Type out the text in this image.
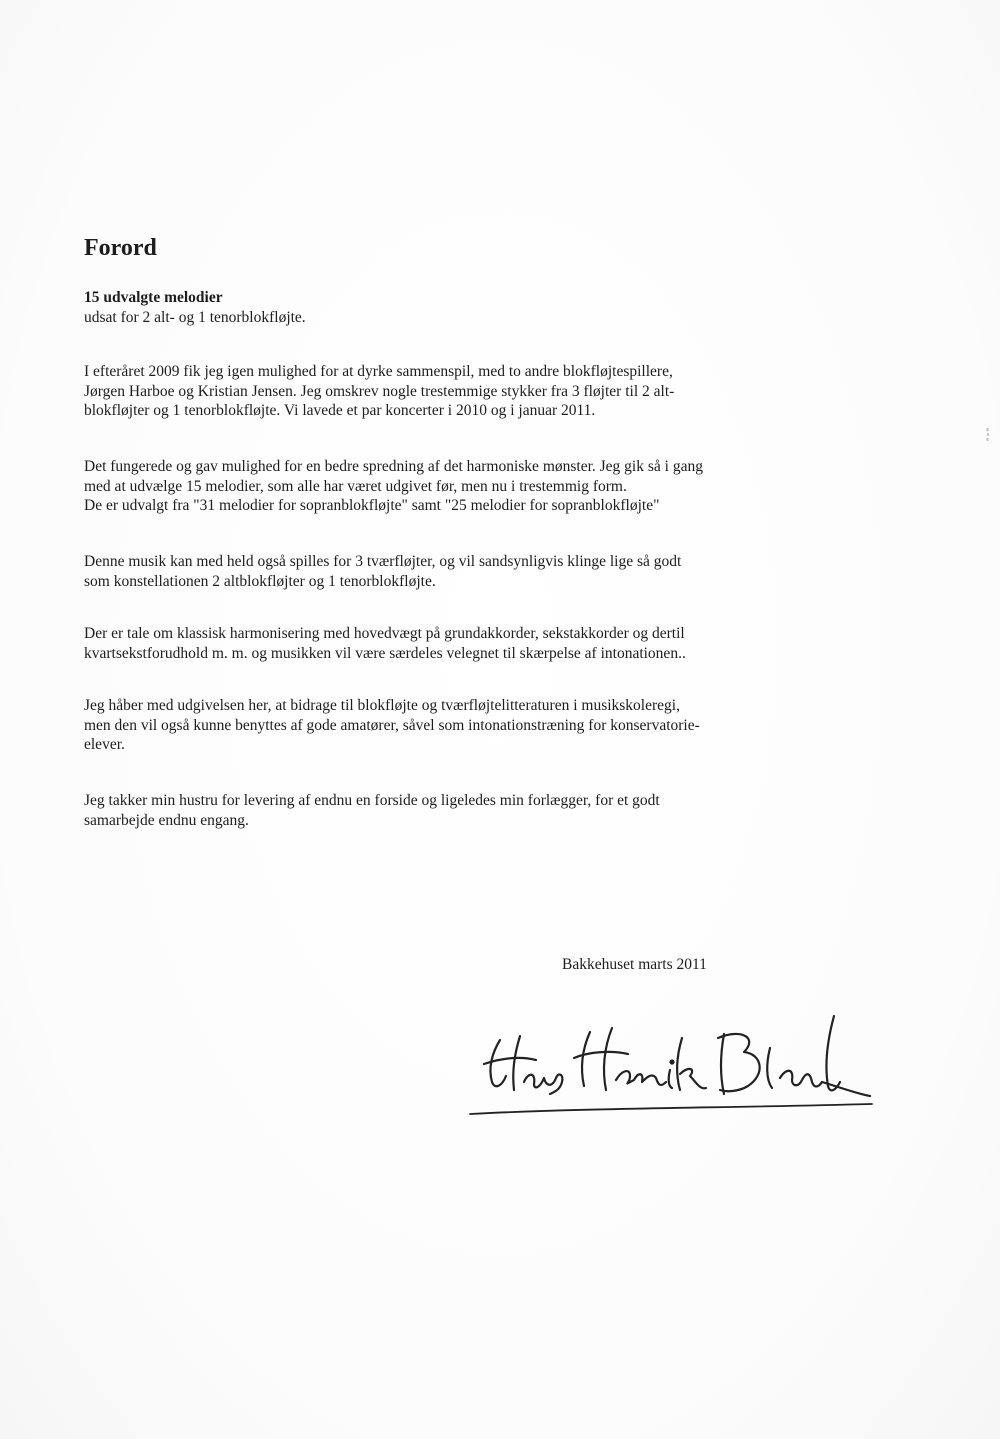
Forord

15 udvalgte melodier

udsat for 2 alt- og 1 tenorblokfløjte.

I efteråret 2009 fik jeg igen mulighed for at dyrke sammenspil, med to andre blokfløjtespillere,
Jørgen Harboe og Kristian Jensen. Jeg omskrev nogle trestemmige stykker fra 3 fløjter til 2 alt-
blokfløjter og 1 tenorblokfløjte. Vi lavede et par koncerter i 2010 og i januar 2011.

Det fungerede og gav mulighed for en bedre spredning af det harmoniske mønster. Jeg gik så i gang
med at udvælge 15 melodier, som alle har været udgivet før, men nu i trestemmig form.
De er udvalgt fra "31 melodier for sopranblokfløjte" samt "25 melodier for sopranblokfløjte"

Denne musik kan med held også spilles for 3 tværfløjter, og vil sandsynligvis klinge lige så godt
som konstellationen 2 altblokfløjter og 1 tenorblokfløjte.

Der er tale om klassisk harmonisering med hovedvægt på grundakkorder, sekstakkorder og dertil
kvartsekstforudhold m. m. og musikken vil være særdeles velegnet til skærpelse af intonationen..

Jeg håber med udgivelsen her, at bidrage til blokfløjte og tværfløjtelitteraturen i musikskoleregi,
men den vil også kunne benyttes af gode amatører, såvel som intonationstræning for konservatorie-
elever.

Jeg takker min hustru for levering af endnu en forside og ligeledes min forlægger, for et godt
samarbejde endnu engang.

Bakkehuset marts 2011
